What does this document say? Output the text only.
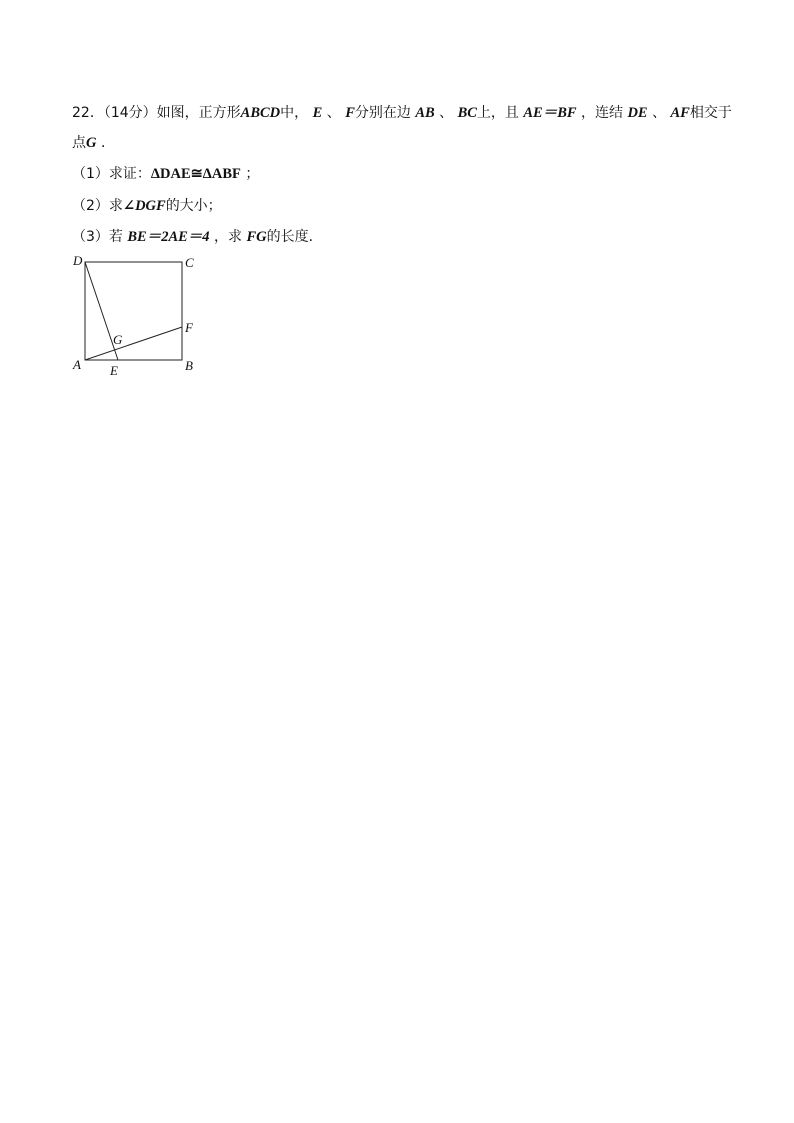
22．（14分）如图，正方形ABCD中， E 、 F分别在边 AB 、 BC上，且 AE＝BF ，连结 DE 、 AF相交于
点G ．
（1）求证：ΔDAE≅ΔABF ；
（2）求∠DGF的大小；
（3）若 BE＝2AE＝4 ，求 FG的长度．
D	C
F
G
A E	B
